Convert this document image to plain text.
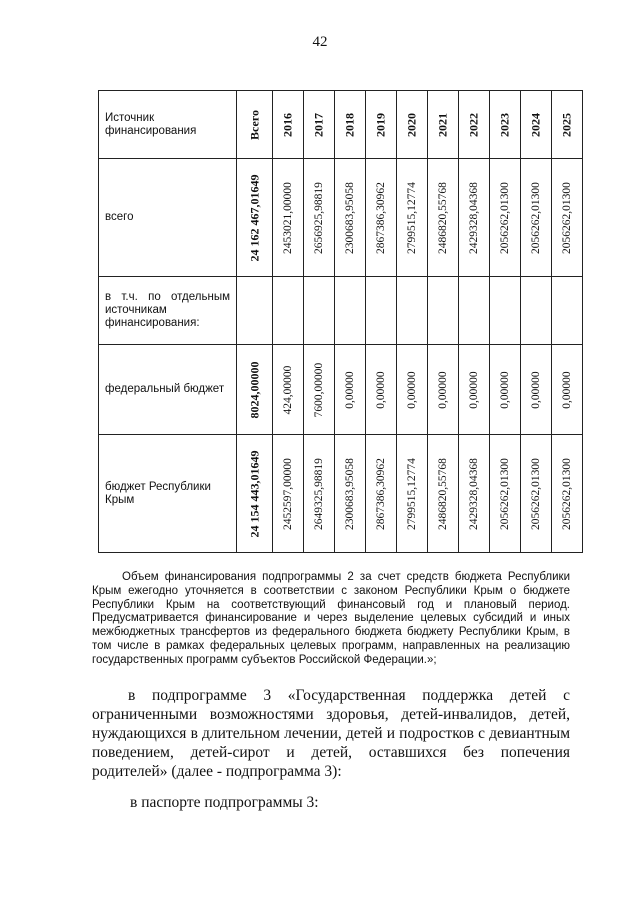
42
Источник финансирования	Всего	2016	2017	2018	2019	2020	2021	2022	2023	2024	2025

всего	24 162 467,01649	2453021,00000	2656925,98819	2300683,95058	2867386,30962	2799515,12774	2486820,55768	2429328,04368	2056262,01300	2056262,01300	2056262,01300

в т.ч. по отдельным источникам финансирования:											

федеральный бюджет	8024,00000	424,00000	7600,00000	0,00000	0,00000	0,00000	0,00000	0,00000	0,00000	0,00000	0,00000

бюджет Республики Крым	24 154 443,01649	2452597,00000	2649325,98819	2300683,95058	2867386,30962	2799515,12774	2486820,55768	2429328,04368	2056262,01300	2056262,01300	2056262,01300

Объем финансирования подпрограммы 2 за счет средств бюджета Республики Крым ежегодно уточняется в соответствии с законом Республики Крым о бюджете Республики Крым на соответствующий финансовый год и плановый период. Предусматривается финансирование и через выделение целевых субсидий и иных межбюджетных трансфертов из федерального бюджета бюджету Республики Крым, в том числе в рамках федеральных целевых программ, направленных на реализацию государственных программ субъектов Российской Федерации.»;

в подпрограмме 3 «Государственная поддержка детей с ограниченными возможностями здоровья, детей-инвалидов, детей, нуждающихся в длительном лечении, детей и подростков с девиантным поведением, детей-сирот и детей, оставшихся без попечения родителей» (далее - подпрограмма 3):

в паспорте подпрограммы 3:
